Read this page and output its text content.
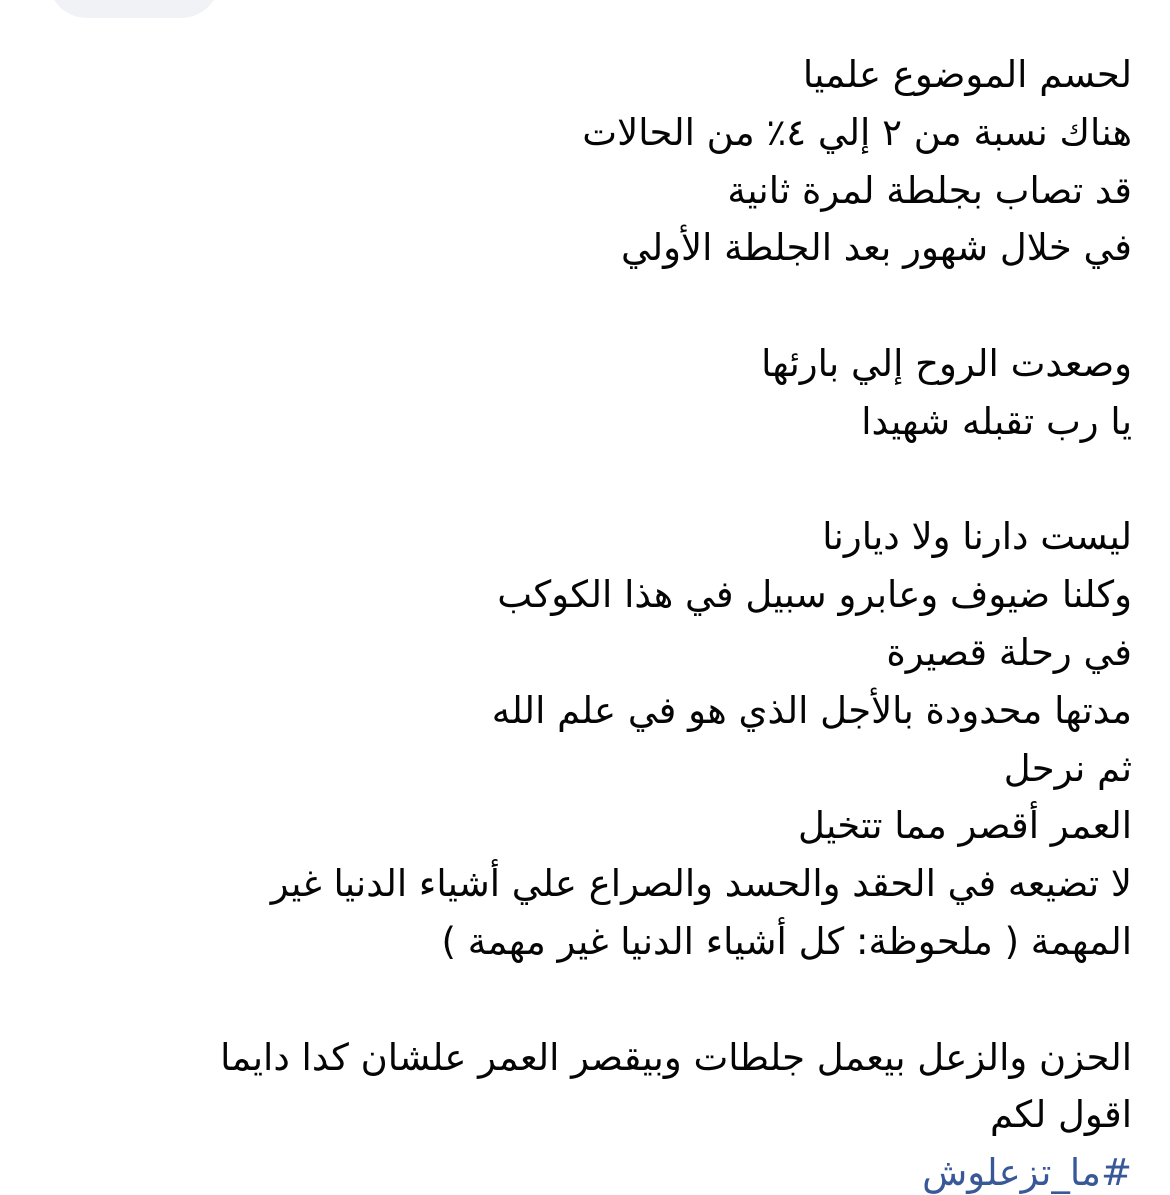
لحسم الموضوع علميا
هناك نسبة من ٢ إلي ٤٪ من الحالات
قد تصاب بجلطة لمرة ثانية
في خلال شهور بعد الجلطة الأولي
وصعدت الروح إلي بارئها
يا رب تقبله شهيدا
ليست دارنا ولا ديارنا
وكلنا ضيوف وعابرو سبيل في هذا الكوكب
في رحلة قصيرة
مدتها محدودة بالأجل الذي هو في علم الله
ثم نرحل
العمر أقصر مما تتخيل
لا تضيعه في الحقد والحسد والصراع علي أشياء الدنيا غير
المهمة ( ملحوظة: كل أشياء الدنيا غير مهمة )
الحزن والزعل بيعمل جلطات وبيقصر العمر علشان كدا دايما
اقول لكم
#ما_تزعلوش
